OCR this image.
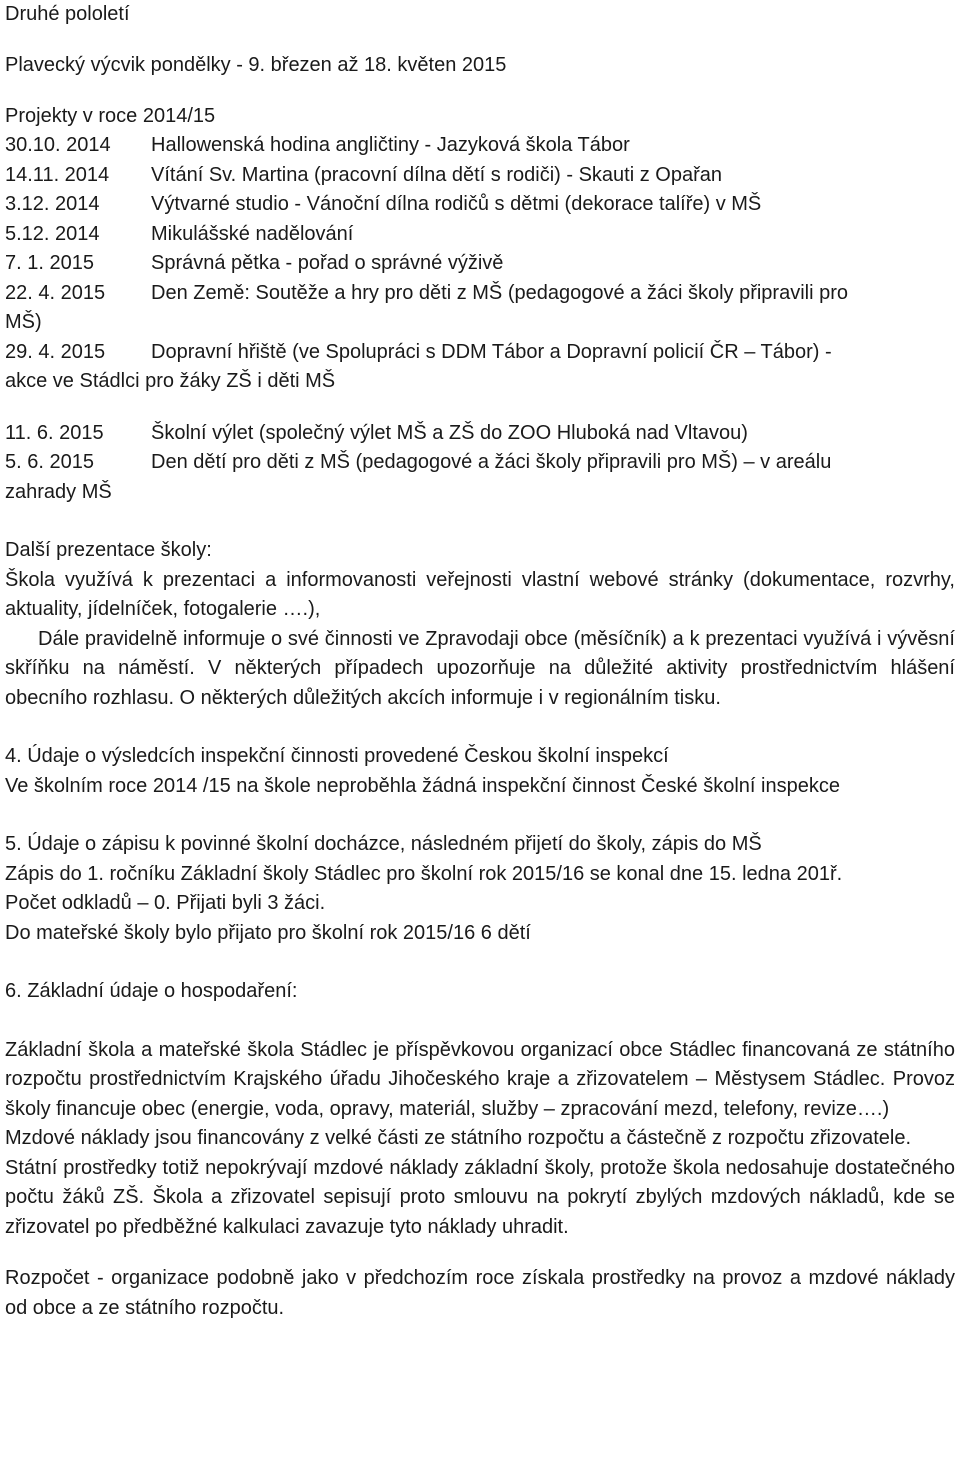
Druhé pololetí
Plavecký výcvik pondělky - 9. březen až 18. květen 2015
Projekty v roce 2014/15
30.10. 2014	Hallowenská hodina angličtiny - Jazyková škola Tábor
14.11. 2014	Vítání Sv. Martina (pracovní dílna dětí s rodiči) - Skauti z Opařan
3.12. 2014	Výtvarné studio - Vánoční dílna rodičů s dětmi (dekorace talíře) v MŠ
5.12. 2014	Mikulášské nadělování
7. 1. 2015	Správná pětka - pořad o správné výživě
22. 4. 2015	Den Země: Soutěže a hry pro děti z MŠ (pedagogové a žáci školy připravili pro
MŠ)
29. 4. 2015	Dopravní hřiště (ve Spolupráci s DDM Tábor a Dopravní policií ČR – Tábor) -
akce ve Stádlci pro žáky ZŠ i děti MŠ
11. 6. 2015	Školní výlet (společný výlet MŠ a ZŠ do ZOO Hluboká nad Vltavou)
5. 6. 2015	Den dětí pro děti z MŠ (pedagogové a žáci školy připravili pro MŠ) – v areálu
zahrady MŠ
Další prezentace školy:
Škola využívá k prezentaci a informovanosti veřejnosti vlastní webové stránky (dokumentace, rozvrhy, aktuality, jídelníček, fotogalerie ….),
Dále pravidelně informuje o své činnosti ve Zpravodaji obce (měsíčník) a k prezentaci využívá i vývěsní skříňku na náměstí. V některých případech upozorňuje na důležité aktivity prostřednictvím hlášení obecního rozhlasu. O některých důležitých akcích informuje i v regionálním tisku.
4. Údaje o výsledcích inspekční činnosti provedené Českou školní inspekcí
Ve školním roce 2014 /15 na škole neproběhla žádná inspekční činnost České školní inspekce
5. Údaje o zápisu k povinné školní docházce, následném přijetí do školy, zápis do MŠ
Zápis do 1. ročníku Základní školy Stádlec pro školní rok 2015/16 se konal dne 15. ledna 201ř.
Počet odkladů – 0. Přijati byli 3 žáci.
Do mateřské školy bylo přijato pro školní rok 2015/16 6 dětí
6. Základní údaje o hospodaření:
Základní škola a mateřské škola Stádlec je příspěvkovou organizací obce Stádlec financovaná ze státního rozpočtu prostřednictvím Krajského úřadu Jihočeského kraje a zřizovatelem – Městysem Stádlec. Provoz školy financuje obec (energie, voda, opravy, materiál, služby – zpracování mezd, telefony, revize….)
Mzdové náklady jsou financovány z velké části ze státního rozpočtu a částečně z rozpočtu zřizovatele.
Státní prostředky totiž nepokrývají mzdové náklady základní školy, protože škola nedosahuje dostatečného počtu žáků ZŠ. Škola a zřizovatel sepisují proto smlouvu na pokrytí zbylých mzdových nákladů, kde se zřizovatel po předběžné kalkulaci zavazuje tyto náklady uhradit.
Rozpočet - organizace podobně jako v předchozím roce získala prostředky na provoz a mzdové náklady od obce a ze státního rozpočtu.
